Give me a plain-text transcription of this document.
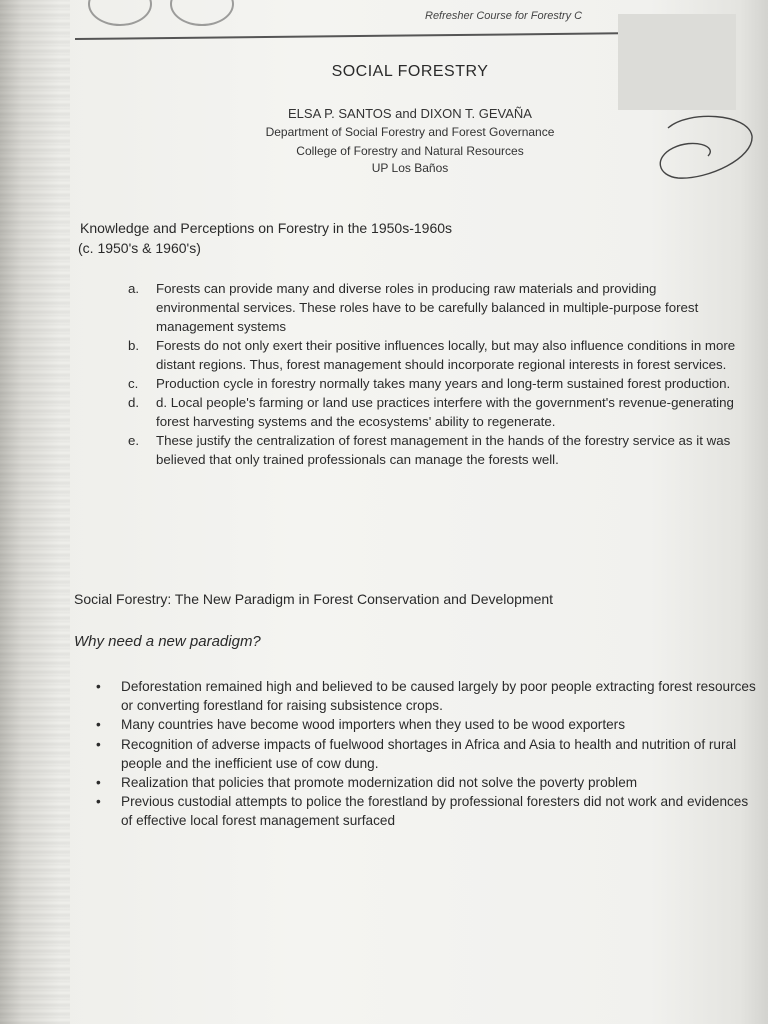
Refresher Course for Forestry C
SOCIAL FORESTRY
ELSA P. SANTOS and DIXON T. GEVAÑA
Department of Social Forestry and Forest Governance
College of Forestry and Natural Resources
UP Los Baños
Knowledge and Perceptions on Forestry in the 1950s-1960s
(c. 1950's & 1960's)
a. Forests can provide many and diverse roles in producing raw materials and providing environmental services. These roles have to be carefully balanced in multiple-purpose forest management systems
b. Forests do not only exert their positive influences locally, but may also influence conditions in more distant regions. Thus, forest management should incorporate regional interests in forest services.
c. Production cycle in forestry normally takes many years and long-term sustained forest production.
d. d. Local people's farming or land use practices interfere with the government's revenue-generating forest harvesting systems and the ecosystems' ability to regenerate.
e. These justify the centralization of forest management in the hands of the forestry service as it was believed that only trained professionals can manage the forests well.
Social Forestry: The New Paradigm in Forest Conservation and Development
Why need a new paradigm?
• Deforestation remained high and believed to be caused largely by poor people extracting forest resources or converting forestland for raising subsistence crops.
• Many countries have become wood importers when they used to be wood exporters
• Recognition of adverse impacts of fuelwood shortages in Africa and Asia to health and nutrition of rural people and the inefficient use of cow dung.
• Realization that policies that promote modernization did not solve the poverty problem
• Previous custodial attempts to police the forestland by professional foresters did not work and evidences of effective local forest management surfaced
